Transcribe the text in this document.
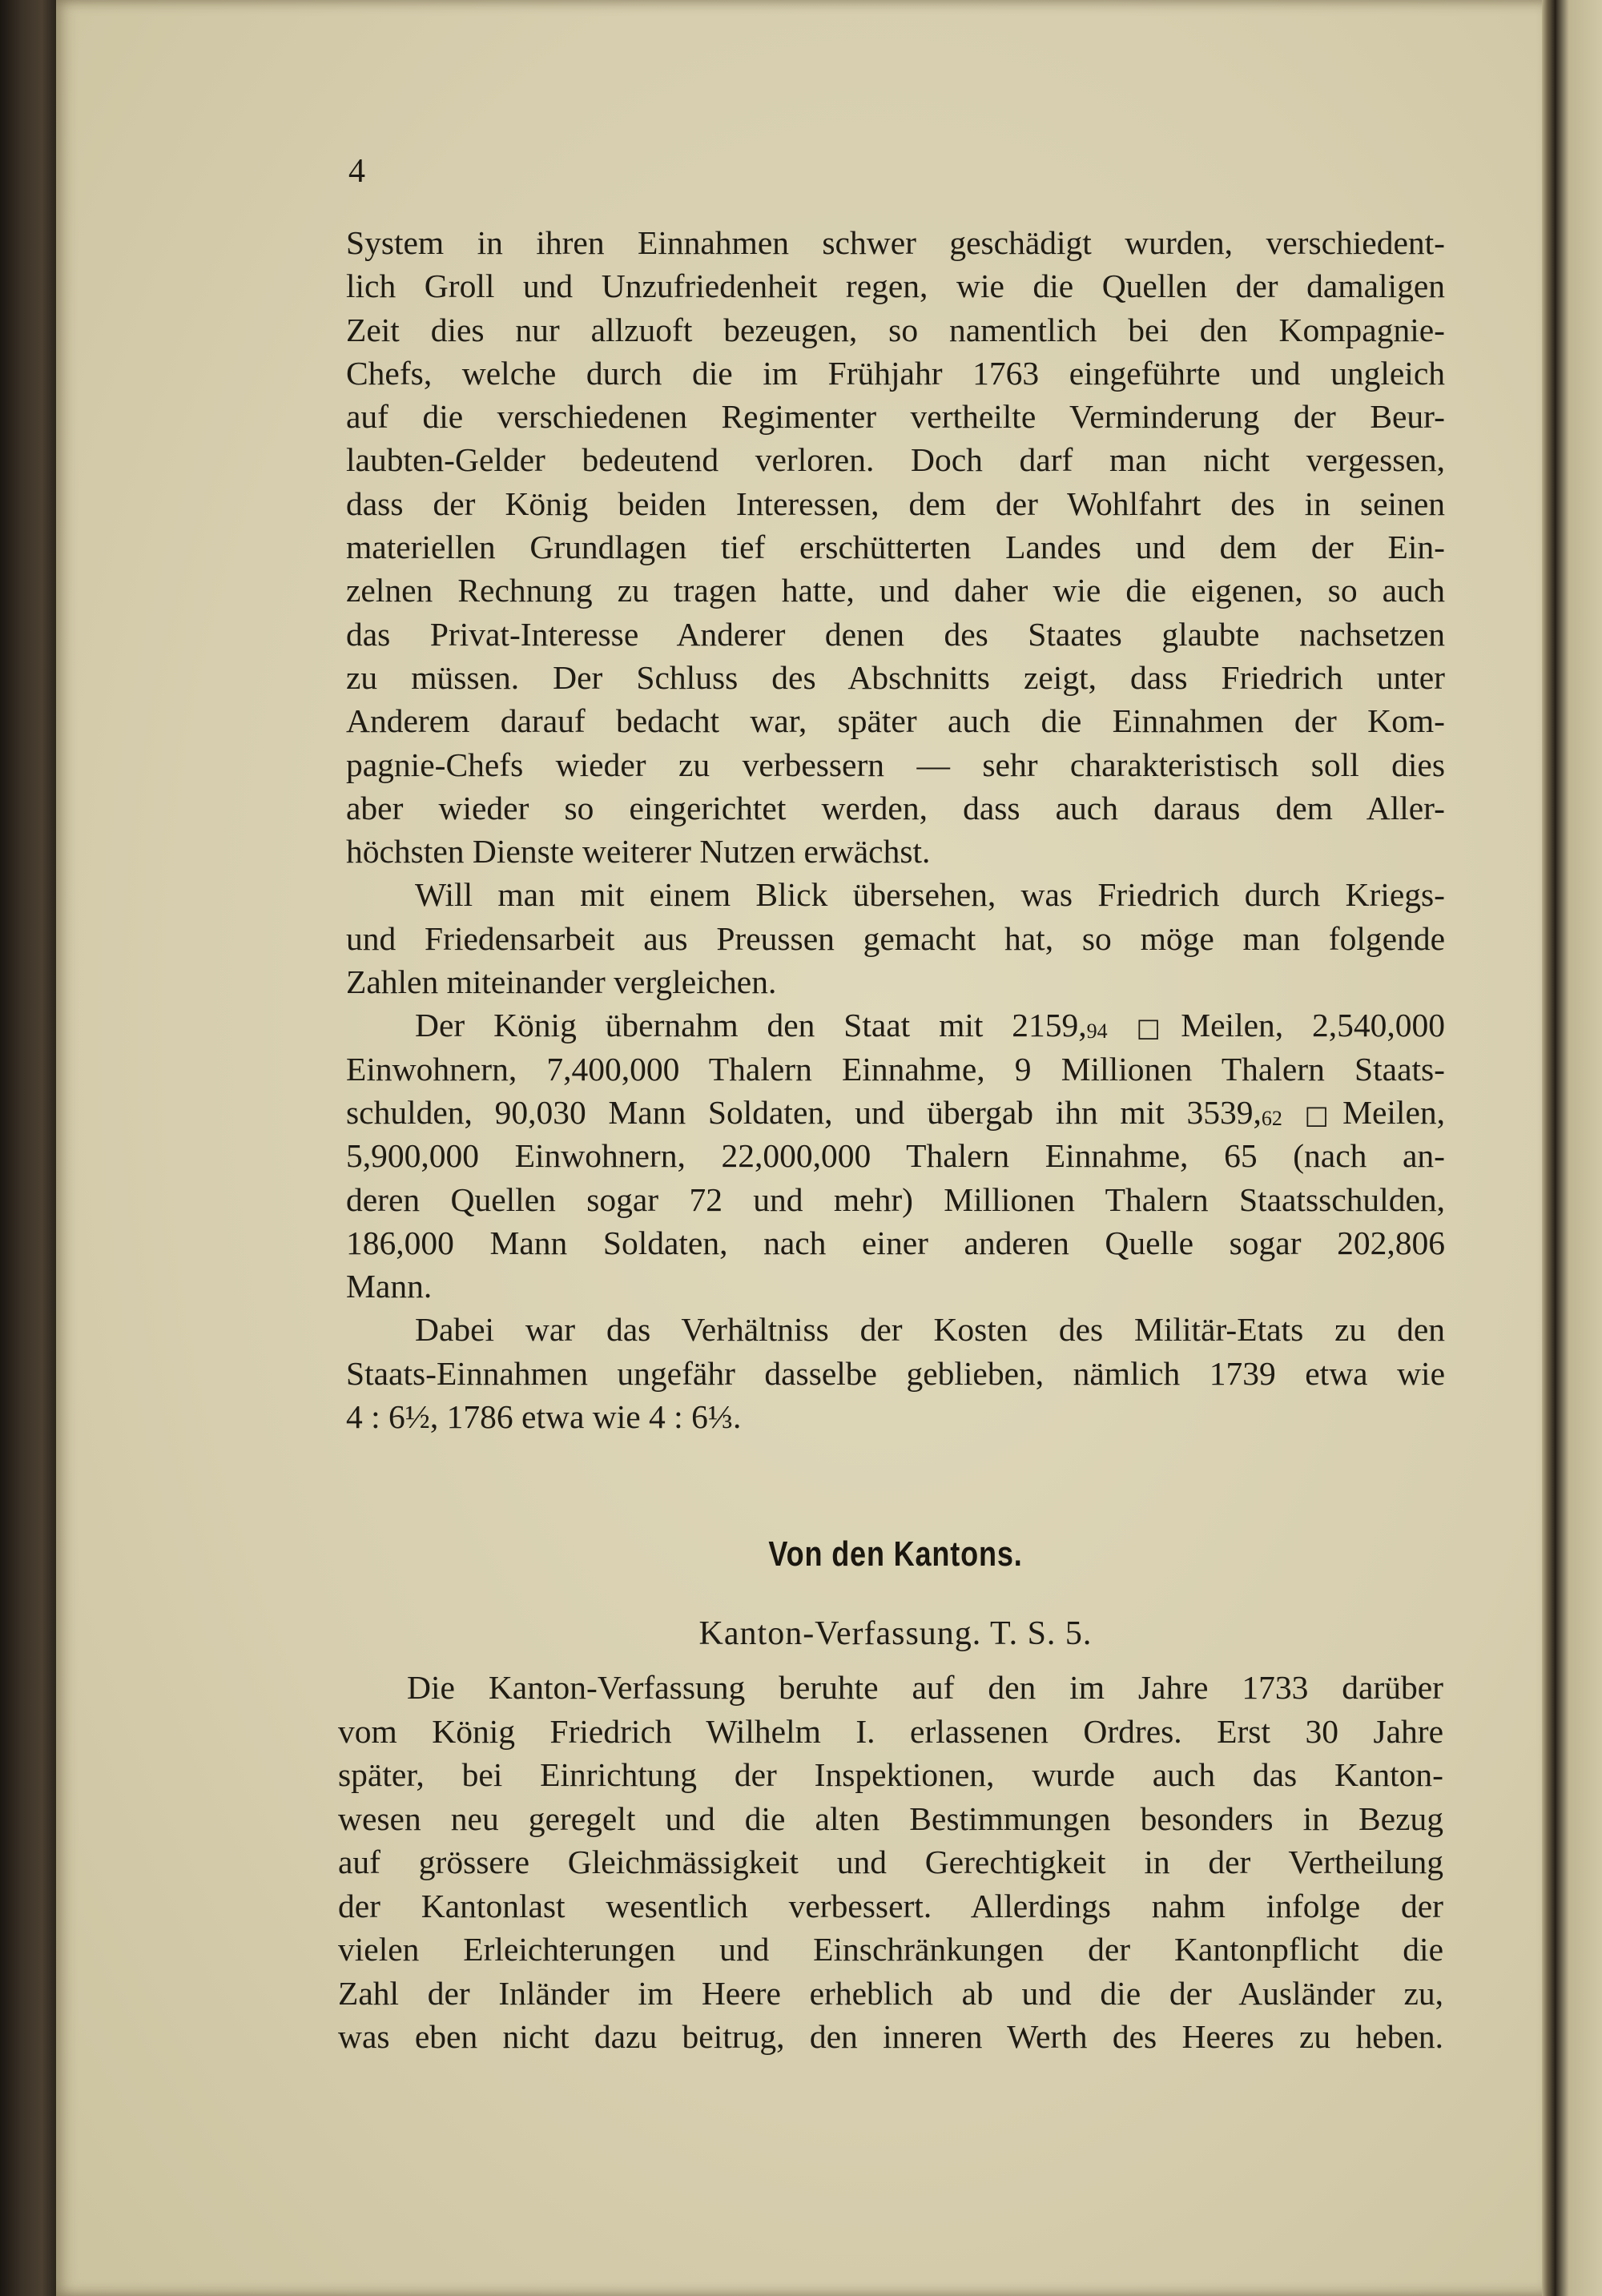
4
System in ihren Einnahmen schwer geschädigt wurden, verschiedent-
lich Groll und Unzufriedenheit regen, wie die Quellen der damaligen
Zeit dies nur allzuoft bezeugen, so namentlich bei den Kompagnie-
Chefs, welche durch die im Frühjahr 1763 eingeführte und ungleich
auf die verschiedenen Regimenter vertheilte Verminderung der Beur-
laubten-Gelder bedeutend verloren. Doch darf man nicht vergessen,
dass der König beiden Interessen, dem der Wohlfahrt des in seinen
materiellen Grundlagen tief erschütterten Landes und dem der Ein-
zelnen Rechnung zu tragen hatte, und daher wie die eigenen, so auch
das Privat-Interesse Anderer denen des Staates glaubte nachsetzen
zu müssen. Der Schluss des Abschnitts zeigt, dass Friedrich unter
Anderem darauf bedacht war, später auch die Einnahmen der Kom-
pagnie-Chefs wieder zu verbessern — sehr charakteristisch soll dies
aber wieder so eingerichtet werden, dass auch daraus dem Aller-
höchsten Dienste weiterer Nutzen erwächst.
Will man mit einem Blick übersehen, was Friedrich durch Kriegs-
und Friedensarbeit aus Preussen gemacht hat, so möge man folgende
Zahlen miteinander vergleichen.
Der König übernahm den Staat mit 2159,94 □Meilen, 2,540,000
Einwohnern, 7,400,000 Thalern Einnahme, 9 Millionen Thalern Staats-
schulden, 90,030 Mann Soldaten, und übergab ihn mit 3539,62 □Meilen,
5,900,000 Einwohnern, 22,000,000 Thalern Einnahme, 65 (nach an-
deren Quellen sogar 72 und mehr) Millionen Thalern Staatsschulden,
186,000 Mann Soldaten, nach einer anderen Quelle sogar 202,806
Mann.
Dabei war das Verhältniss der Kosten des Militär-Etats zu den
Staats-Einnahmen ungefähr dasselbe geblieben, nämlich 1739 etwa wie
4 : 6½, 1786 etwa wie 4 : 6⅓.
Von den Kantons.
Kanton-Verfassung. T. S. 5.
Die Kanton-Verfassung beruhte auf den im Jahre 1733 darüber
vom König Friedrich Wilhelm I. erlassenen Ordres. Erst 30 Jahre
später, bei Einrichtung der Inspektionen, wurde auch das Kanton-
wesen neu geregelt und die alten Bestimmungen besonders in Bezug
auf grössere Gleichmässigkeit und Gerechtigkeit in der Vertheilung
der Kantonlast wesentlich verbessert. Allerdings nahm infolge der
vielen Erleichterungen und Einschränkungen der Kantonpflicht die
Zahl der Inländer im Heere erheblich ab und die der Ausländer zu,
was eben nicht dazu beitrug, den inneren Werth des Heeres zu heben.
